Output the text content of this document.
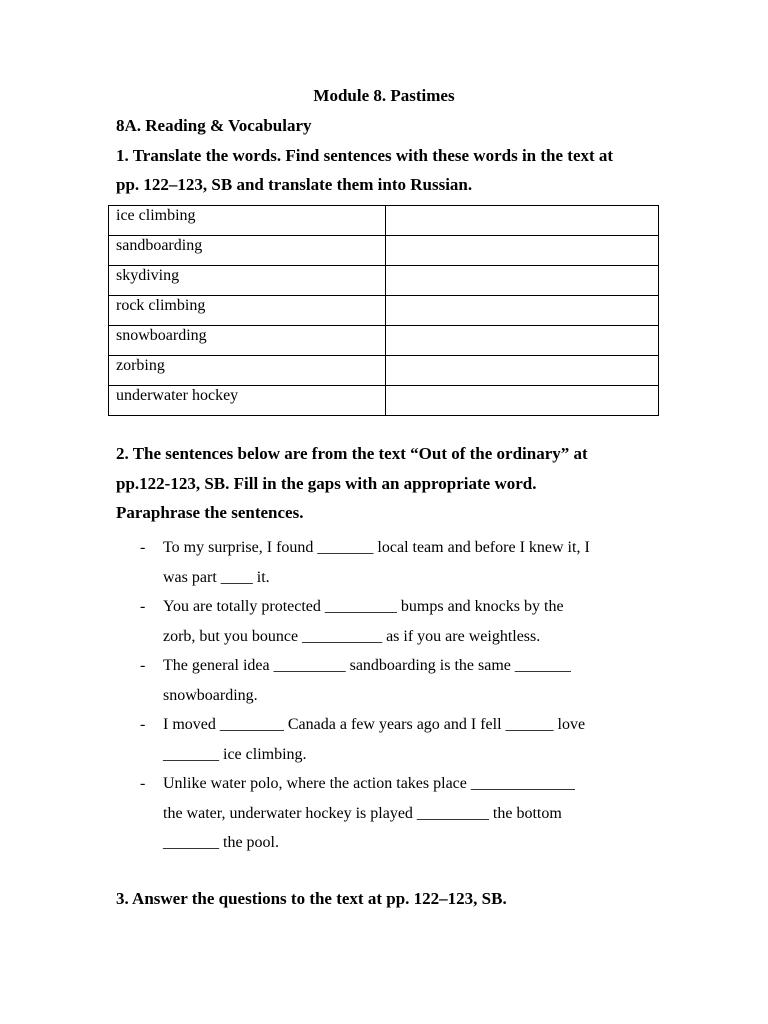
Module 8. Pastimes

8A. Reading & Vocabulary

1. Translate the words. Find sentences with these words in the text at

pp. 122–123, SB and translate them into Russian.

ice climbing	
sandboarding	
skydiving	
rock climbing	
snowboarding	
zorbing	
underwater hockey	

2. The sentences below are from the text “Out of the ordinary” at

pp.122-123, SB. Fill in the gaps with an appropriate word.

Paraphrase the sentences.

- To my surprise, I found _______ local team and before I knew it, I
was part ____ it.
- You are totally protected _________ bumps and knocks by the
zorb, but you bounce __________ as if you are weightless.
- The general idea _________ sandboarding is the same _______
snowboarding.
- I moved ________ Canada a few years ago and I fell ______ love
_______ ice climbing.
- Unlike water polo, where the action takes place _____________
the water, underwater hockey is played _________ the bottom
_______ the pool.

3. Answer the questions to the text at pp. 122–123, SB.
